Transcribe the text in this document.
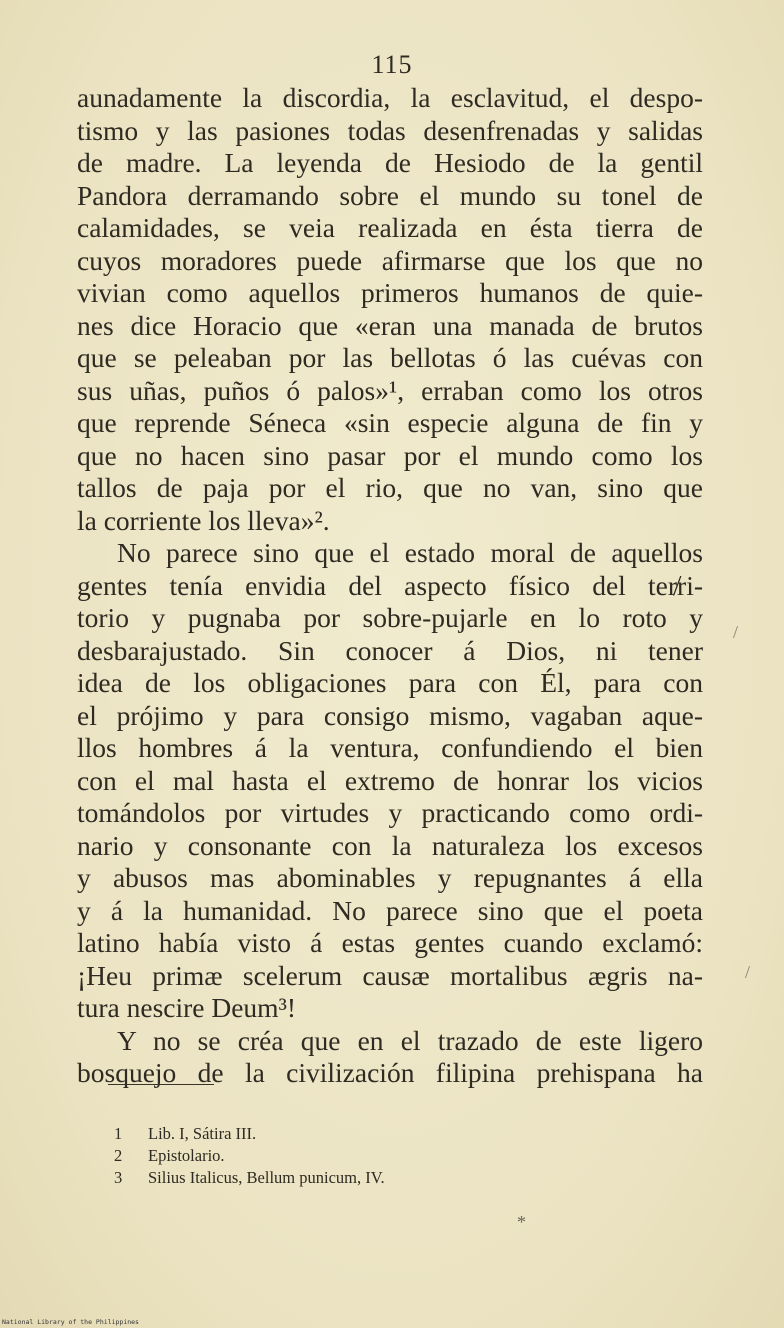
115
aunadamente la discordia, la esclavitud, el despo-
tismo y las pasiones todas desenfrenadas y salidas
de madre. La leyenda de Hesiodo de la gentil
Pandora derramando sobre el mundo su tonel de
calamidades, se veia realizada en ésta tierra de
cuyos moradores puede afirmarse que los que no
vivian como aquellos primeros humanos de quie-
nes dice Horacio que «eran una manada de brutos
que se peleaban por las bellotas ó las cuévas con
sus uñas, puños ó palos»¹, erraban como los otros
que reprende Séneca «sin especie alguna de fin y
que no hacen sino pasar por el mundo como los
tallos de paja por el rio, que no van, sino que
la corriente los lleva»².
No parece sino que el estado moral de aquellos
gentes tenía envidia del aspecto físico del ter̸ri-
torio y pugnaba por sobre-pujarle en lo roto y
desbarajustado. Sin conocer á Dios, ni tener
idea de los obligaciones para con Él, para con
el prójimo y para consigo mismo, vagaban aque-
llos hombres á la ventura, confundiendo el bien
con el mal hasta el extremo de honrar los vicios
tomándolos por virtudes y practicando como ordi-
nario y consonante con la naturaleza los excesos
y abusos mas abominables y repugnantes á ella
y á la humanidad. No parece sino que el poeta
latino había visto á estas gentes cuando exclamó:
¡Heu primæ scelerum causæ mortalibus ægris na-
tura nescire Deum³!
Y no se créa que en el trazado de este ligero
bosquejo de la civilización filipina prehispana ha
1 Lib. I, Sátira III.
2 Epistolario.
3 Silius Italicus, Bellum punicum, IV.
*
/
/
National Library of the Philippines
